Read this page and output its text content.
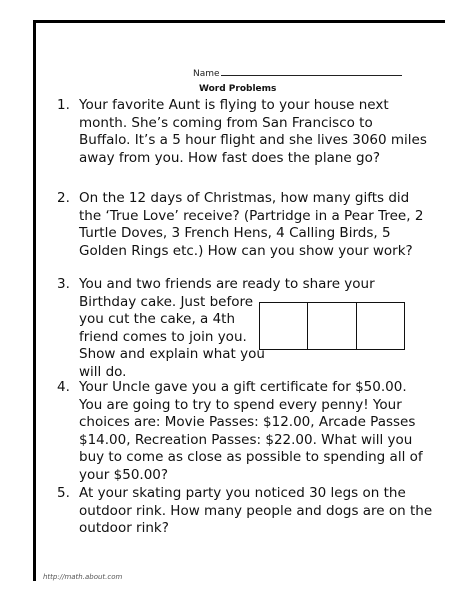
Name
Word Problems
1. Your favorite Aunt is flying to your house next
month. She’s coming from San Francisco to
Buffalo. It’s a 5 hour flight and she lives 3060 miles
away from you. How fast does the plane go?
2. On the 12 days of Christmas, how many gifts did
the ‘True Love’ receive? (Partridge in a Pear Tree, 2
Turtle Doves, 3 French Hens, 4 Calling Birds, 5
Golden Rings etc.) How can you show your work?
3. You and two friends are ready to share your
Birthday cake. Just before
you cut the cake, a 4th
friend comes to join you.
Show and explain what you
will do.
4. Your Uncle gave you a gift certificate for $50.00.
You are going to try to spend every penny! Your
choices are: Movie Passes: $12.00, Arcade Passes
$14.00, Recreation Passes: $22.00. What will you
buy to come as close as possible to spending all of
your $50.00?
5. At your skating party you noticed 30 legs on the
outdoor rink. How many people and dogs are on the
outdoor rink?
http://math.about.com
